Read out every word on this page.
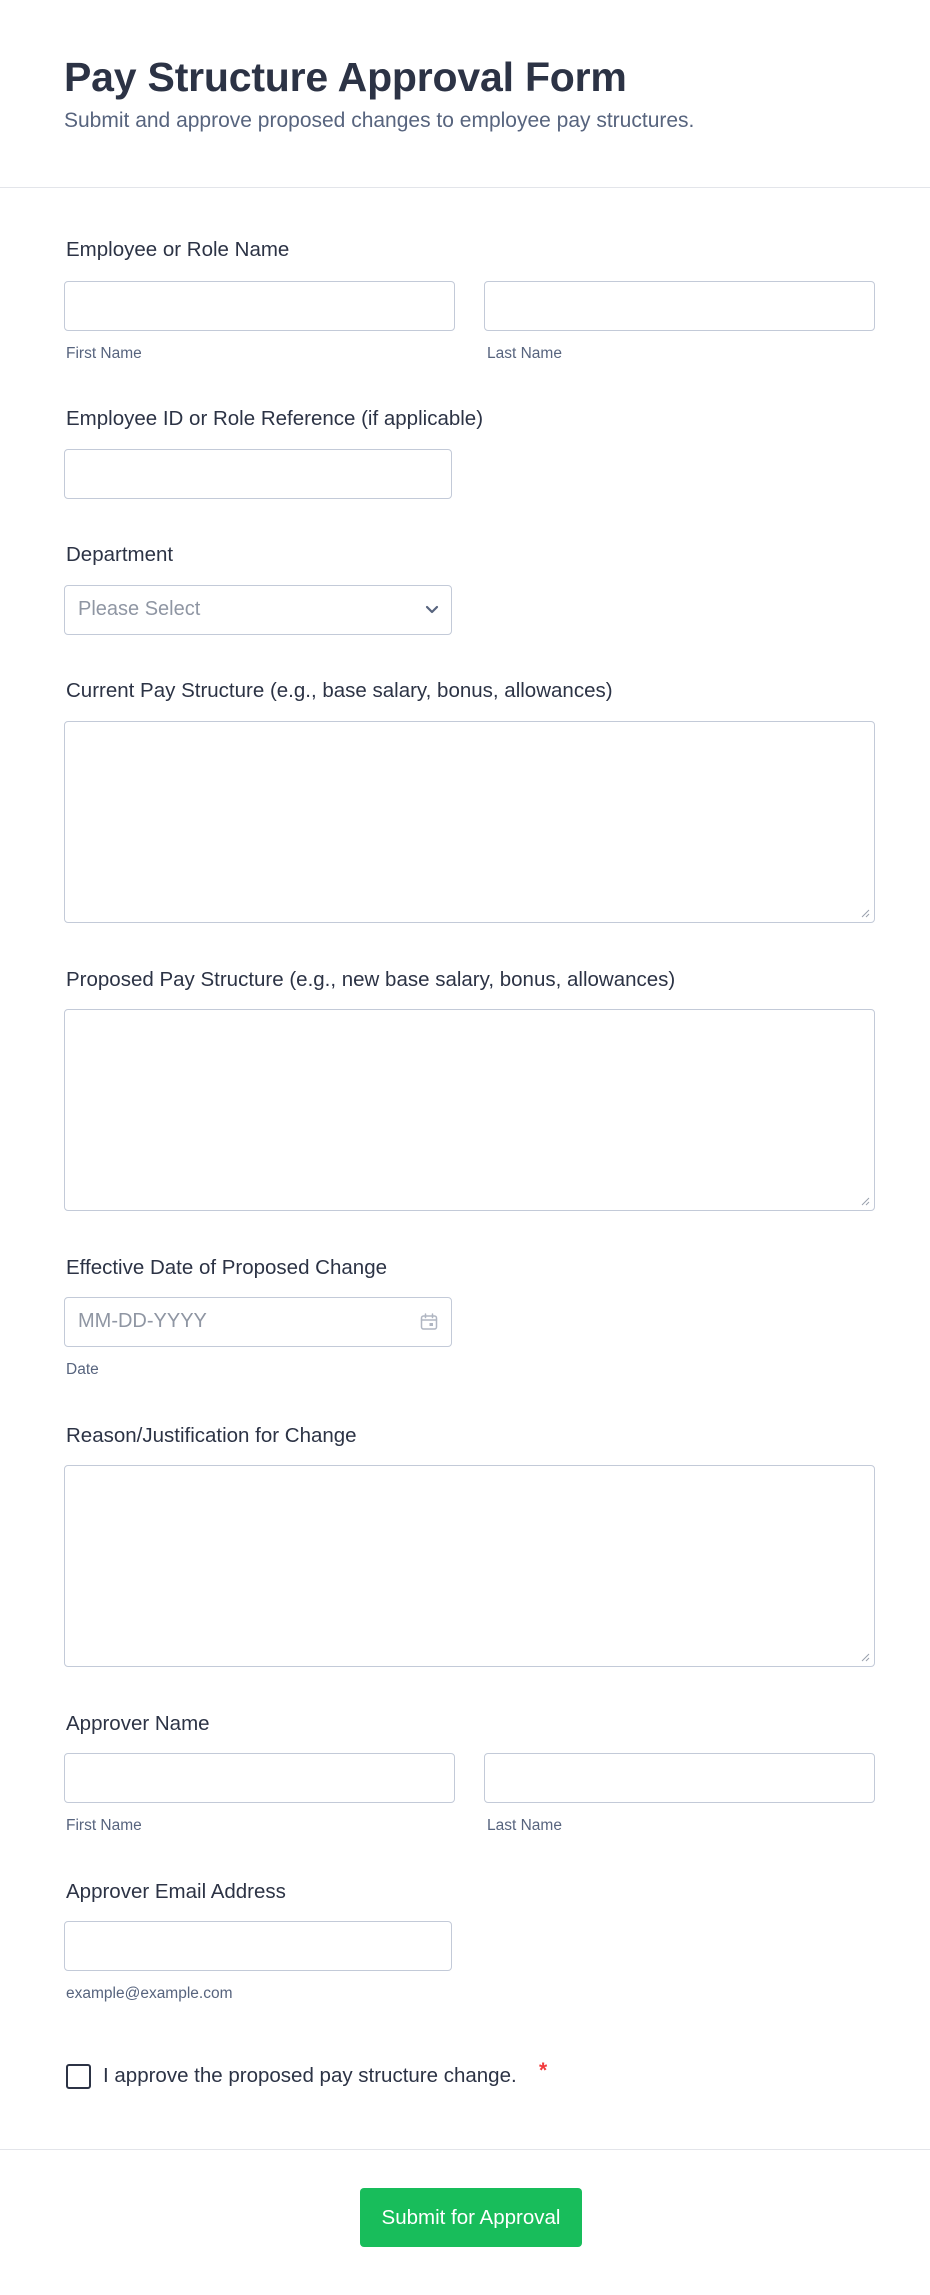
Pay Structure Approval Form
Submit and approve proposed changes to employee pay structures.
Employee or Role Name
First Name	Last Name
Employee ID or Role Reference (if applicable)
Department
Please Select
Current Pay Structure (e.g., base salary, bonus, allowances)
Proposed Pay Structure (e.g., new base salary, bonus, allowances)
Effective Date of Proposed Change
MM-DD-YYYY
Date
Reason/Justification for Change
Approver Name
First Name	Last Name
Approver Email Address
example@example.com
I approve the proposed pay structure change. *
Submit for Approval
